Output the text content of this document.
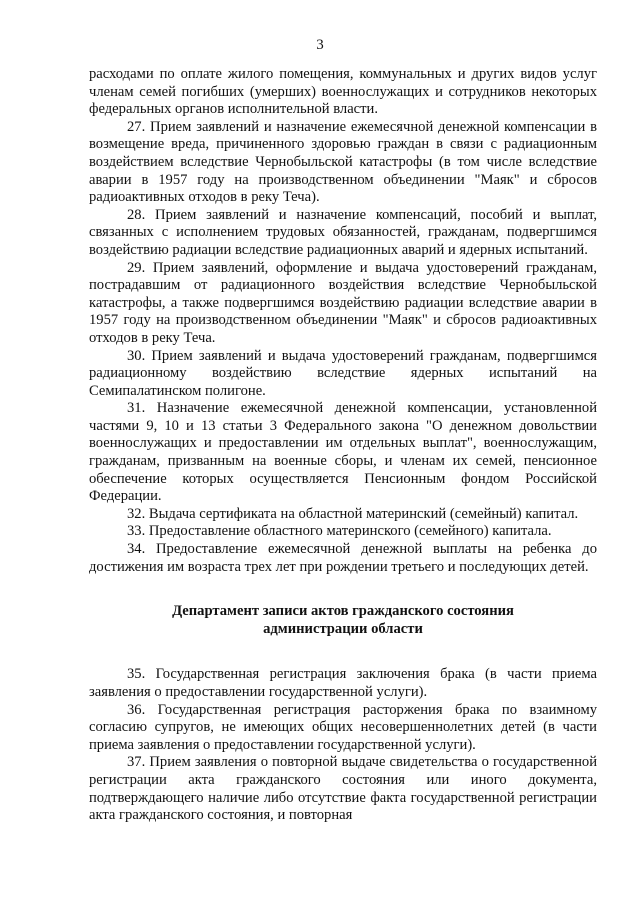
3

расходами по оплате жилого помещения, коммунальных и других видов услуг членам семей погибших (умерших) военнослужащих и сотрудников некоторых федеральных органов исполнительной власти.

27. Прием заявлений и назначение ежемесячной денежной компенсации в возмещение вреда, причиненного здоровью граждан в связи с радиационным воздействием вследствие Чернобыльской катастрофы (в том числе вследствие аварии в 1957 году на производственном объединении "Маяк" и сбросов радиоактивных отходов в реку Теча).

28. Прием заявлений и назначение компенсаций, пособий и выплат, связанных с исполнением трудовых обязанностей, гражданам, подвергшимся воздействию радиации вследствие радиационных аварий и ядерных испытаний.

29. Прием заявлений, оформление и выдача удостоверений гражданам, пострадавшим от радиационного воздействия вследствие Чернобыльской катастрофы, а также подвергшимся воздействию радиации вследствие аварии в 1957 году на производственном объединении "Маяк" и сбросов радиоактивных отходов в реку Теча.

30. Прием заявлений и выдача удостоверений гражданам, подвергшимся радиационному воздействию вследствие ядерных испытаний на Семипалатинском полигоне.

31. Назначение ежемесячной денежной компенсации, установленной частями 9, 10 и 13 статьи 3 Федерального закона "О денежном довольствии военнослужащих и предоставлении им отдельных выплат", военнослужащим, гражданам, призванным на военные сборы, и членам их семей, пенсионное обеспечение которых осуществляется Пенсионным фондом Российской Федерации.

32. Выдача сертификата на областной материнский (семейный) капитал.

33. Предоставление областного материнского (семейного) капитала.

34. Предоставление ежемесячной денежной выплаты на ребенка до достижения им возраста трех лет при рождении третьего и последующих детей.

Департамент записи актов гражданского состояния
администрации области

35. Государственная регистрация заключения брака (в части приема заявления о предоставлении государственной услуги).

36. Государственная регистрация расторжения брака по взаимному согласию супругов, не имеющих общих несовершеннолетних детей (в части приема заявления о предоставлении государственной услуги).

37. Прием заявления о повторной выдаче свидетельства о государственной регистрации акта гражданского состояния или иного документа, подтверждающего наличие либо отсутствие факта государственной регистрации акта гражданского состояния, и повторная
